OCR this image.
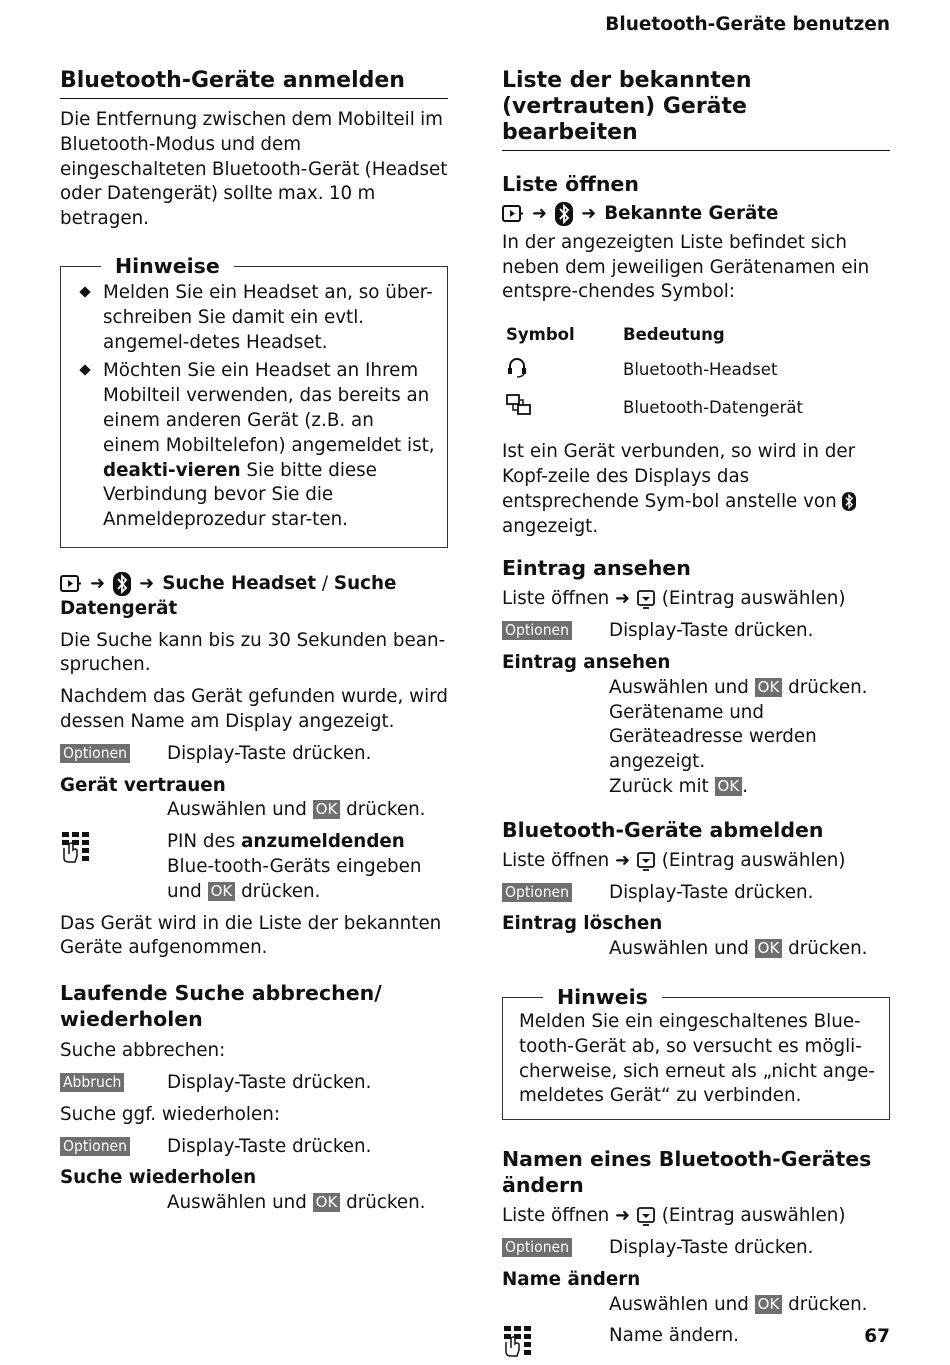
Bluetooth-Geräte benutzen
Bluetooth-Geräte anmelden

Die Entfernung zwischen dem Mobilteil im Bluetooth-Modus und dem eingeschalteten Bluetooth-Gerät (Headset oder Datengerät) sollte max. 10 m betragen.

Hinweise
Melden Sie ein Headset an, so über-schreiben Sie damit ein evtl. angemel-detes Headset.
Möchten Sie ein Headset an Ihrem Mobilteil verwenden, das bereits an einem anderen Gerät (z.B. an einem Mobiltelefon) angemeldet ist, deakti-vieren Sie bitte diese Verbindung bevor Sie die Anmeldeprozedur star-ten.
➜ ➜ Suche Headset / Suche
Datengerät

Die Suche kann bis zu 30 Sekunden bean-spruchen.

Nachdem das Gerät gefunden wurde, wird dessen Name am Display angezeigt.

Optionen	Display-Taste drücken.
Gerät vertrauen
Auswählen und OK drücken.
PIN des anzumeldenden Blue-tooth-Geräts eingeben und OK drücken.

Das Gerät wird in die Liste der bekannten Geräte aufgenommen.

Laufende Suche abbrechen/ wiederholen

Suche abbrechen:

Abbruch	Display-Taste drücken.

Suche ggf. wiederholen:

Optionen	Display-Taste drücken.
Suche wiederholen
Auswählen und OK drücken.
Liste der bekannten (vertrauten) Geräte bearbeiten
Liste öffnen
➜ ➜ Bekannte Geräte

In der angezeigten Liste befindet sich neben dem jeweiligen Gerätenamen ein entspre-chendes Symbol:

Symbol	Bedeutung
	Bluetooth-Headset
	Bluetooth-Datengerät

Ist ein Gerät verbunden, so wird in der Kopf-zeile des Displays das entsprechende Sym-bol anstelle von  angezeigt.

Eintrag ansehen
Liste öffnen ➜ (Eintrag auswählen)
Optionen	Display-Taste drücken.
Eintrag ansehen
Auswählen und OK drücken.
Gerätename und Geräteadresse werden angezeigt.
Zurück mit OK .
Bluetooth-Geräte abmelden
Liste öffnen ➜ (Eintrag auswählen)
Optionen	Display-Taste drücken.
Eintrag löschen
Auswählen und OK drücken.
Hinweis

Melden Sie ein eingeschaltenes Blue-tooth-Gerät ab, so versucht es mögli-cherweise, sich erneut als „nicht ange-meldetes Gerät“ zu verbinden.

Namen eines Bluetooth-Gerätes ändern
Liste öffnen ➜ (Eintrag auswählen)
Optionen	Display-Taste drücken.
Name ändern
Auswählen und OK drücken.
Name ändern.	67
